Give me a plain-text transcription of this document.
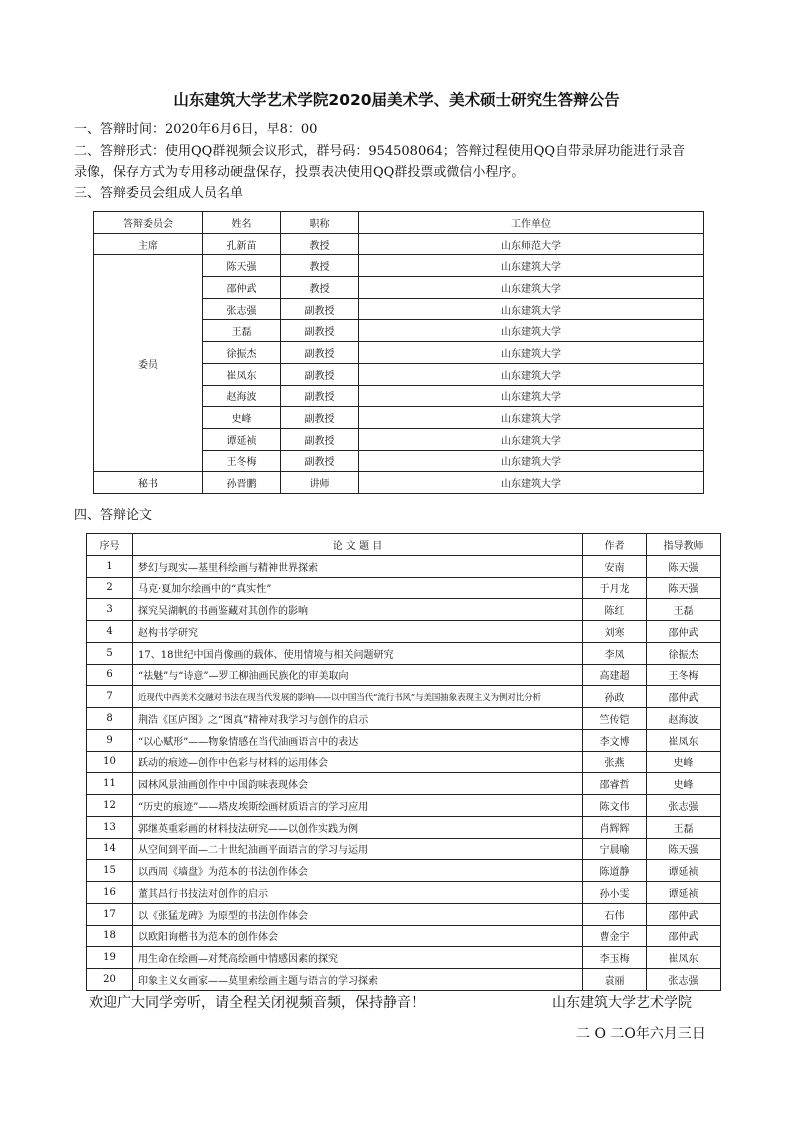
山东建筑大学艺术学院2020届美术学、美术硕士研究生答辩公告
一、答辩时间：2020年6月6日，早8：00
二、答辩形式：使用QQ群视频会议形式，群号码：954508064；答辩过程使用QQ自带录屏功能进行录音
录像，保存方式为专用移动硬盘保存，投票表决使用QQ群投票或微信小程序。
三、答辩委员会组成人员名单
答辩委员会	姓名	职称	工作单位
主席	孔新苗	教授	山东师范大学
委员	陈天强	教授	山东建筑大学
	邵仲武	教授	山东建筑大学
	张志强	副教授	山东建筑大学
	王磊	副教授	山东建筑大学
	徐振杰	副教授	山东建筑大学
	崔凤东	副教授	山东建筑大学
	赵海波	副教授	山东建筑大学
	史峰	副教授	山东建筑大学
	谭延祯	副教授	山东建筑大学
	王冬梅	副教授	山东建筑大学
秘书	孙晋鹏	讲师	山东建筑大学
四、答辩论文
序号	论 文 题 目	作者	指导教师
1	梦幻与现实—基里科绘画与精神世界探索	安南	陈天强
2	马克·夏加尔绘画中的“真实性”	于月龙	陈天强
3	探究吴湖帆的书画鉴藏对其创作的影响	陈红	王磊
4	赵构书学研究	刘寒	邵仲武
5	17、18世纪中国肖像画的载体、使用情境与相关问题研究	李凤	徐振杰
6	“祛魅”与“诗意”—罗工柳油画民族化的审美取向	高建超	王冬梅
7	近现代中西美术交融对书法在现当代发展的影响——以中国当代“流行书风”与美国抽象表现主义为例对比分析	孙政	邵仲武
8	荆浩《匡庐图》之“图真”精神对我学习与创作的启示	竺传铠	赵海波
9	“以心赋形”——物象情感在当代油画语言中的表达	李文博	崔凤东
10	跃动的痕迹—创作中色彩与材料的运用体会	张燕	史峰
11	园林风景油画创作中中国韵味表现体会	邵睿哲	史峰
12	“历史的痕迹”——塔皮埃斯绘画材质语言的学习应用	陈文伟	张志强
13	郭继英重彩画的材料技法研究——以创作实践为例	肖辉辉	王磊
14	从空间到平面—二十世纪油画平面语言的学习与运用	宁晨喻	陈天强
15	以西周《墙盘》为范本的书法创作体会	陈道静	谭延祯
16	董其昌行书技法对创作的启示	孙小雯	谭延祯
17	以《张猛龙碑》为原型的书法创作体会	石伟	邵仲武
18	以欧阳询楷书为范本的创作体会	曹金宇	邵仲武
19	用生命在绘画—对梵高绘画中情感因素的探究	李玉梅	崔凤东
20	印象主义女画家——莫里索绘画主题与语言的学习探索	袁丽	张志强
欢迎广大同学旁听，请全程关闭视频音频，保持静音！	山东建筑大学艺术学院
二 O 二O年六月三日
